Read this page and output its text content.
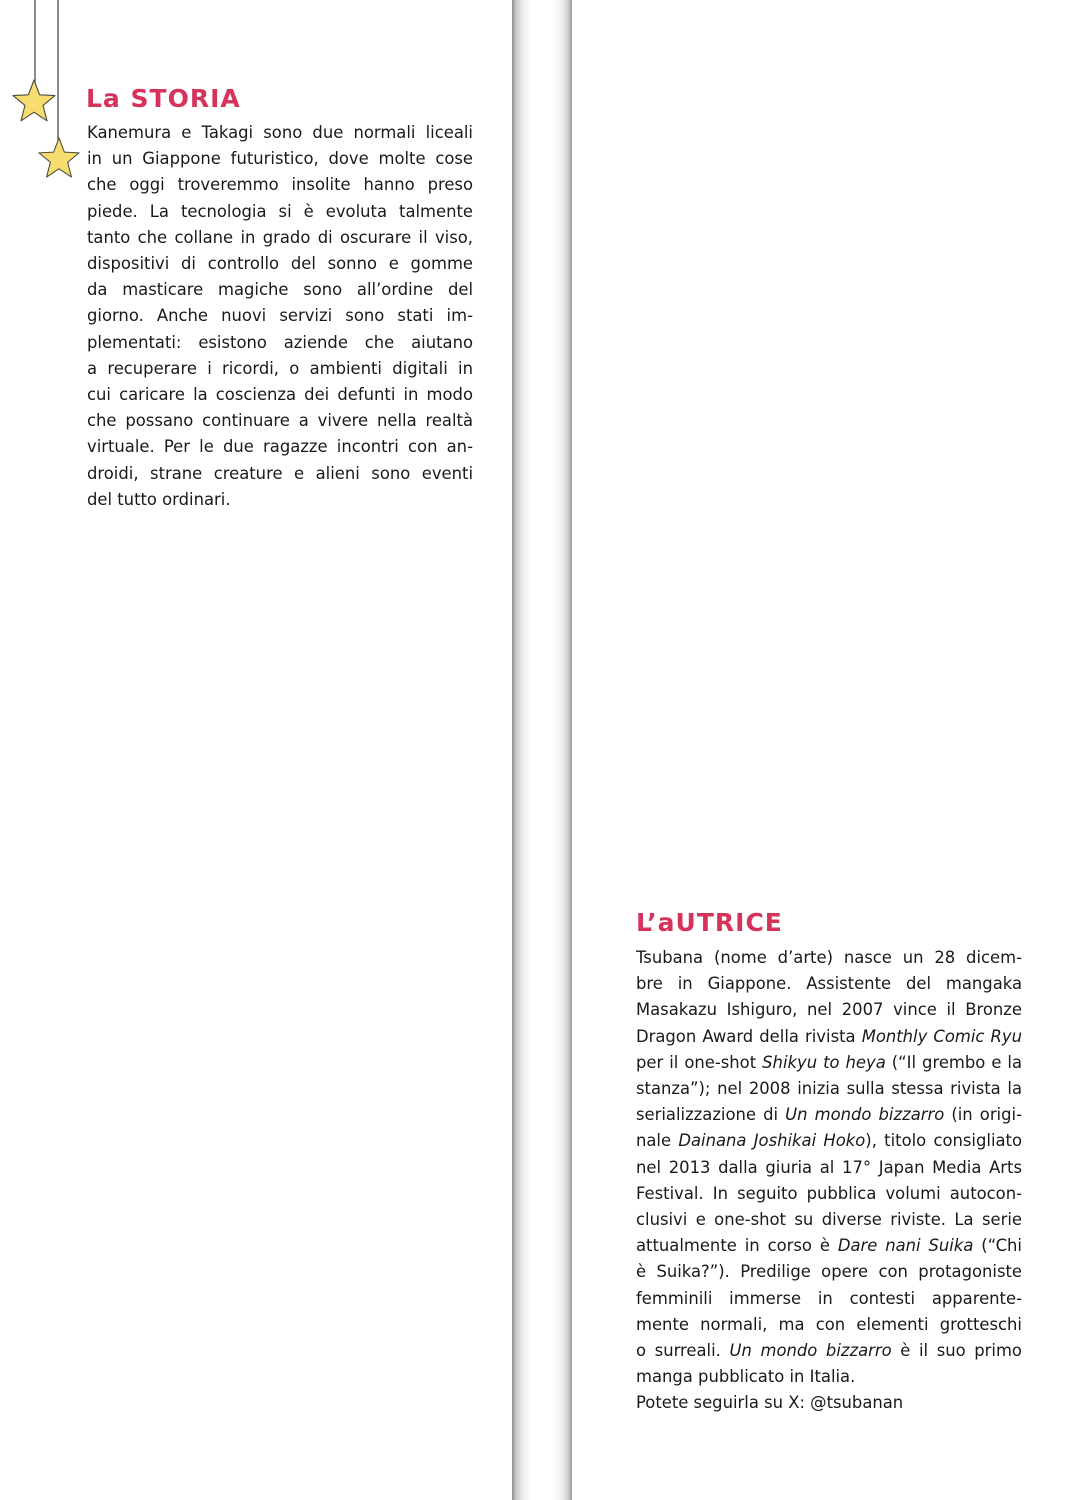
La STORIA
Kanemura e Takagi sono due normali liceali
in un Giappone futuristico, dove molte cose
che oggi troveremmo insolite hanno preso
piede. La tecnologia si è evoluta talmente
tanto che collane in grado di oscurare il viso,
dispositivi di controllo del sonno e gomme
da masticare magiche sono all’ordine del
giorno. Anche nuovi servizi sono stati im-
plementati: esistono aziende che aiutano
a recuperare i ricordi, o ambienti digitali in
cui caricare la coscienza dei defunti in modo
che possano continuare a vivere nella realtà
virtuale. Per le due ragazze incontri con an-
droidi, strane creature e alieni sono eventi
del tutto ordinari.
L’aUTRICE
Tsubana (nome d’arte) nasce un 28 dicem-
bre in Giappone. Assistente del mangaka
Masakazu Ishiguro, nel 2007 vince il Bronze
Dragon Award della rivista Monthly Comic Ryu
per il one-shot Shikyu to heya (“Il grembo e la
stanza”); nel 2008 inizia sulla stessa rivista la
serializzazione di Un mondo bizzarro (in origi-
nale Dainana Joshikai Hoko), titolo consigliato
nel 2013 dalla giuria al 17° Japan Media Arts
Festival. In seguito pubblica volumi autocon-
clusivi e one-shot su diverse riviste. La serie
attualmente in corso è Dare nani Suika (“Chi
è Suika?”). Predilige opere con protagoniste
femminili immerse in contesti apparente-
mente normali, ma con elementi grotteschi
o surreali. Un mondo bizzarro è il suo primo
manga pubblicato in Italia.
Potete seguirla su X: @tsubanan
